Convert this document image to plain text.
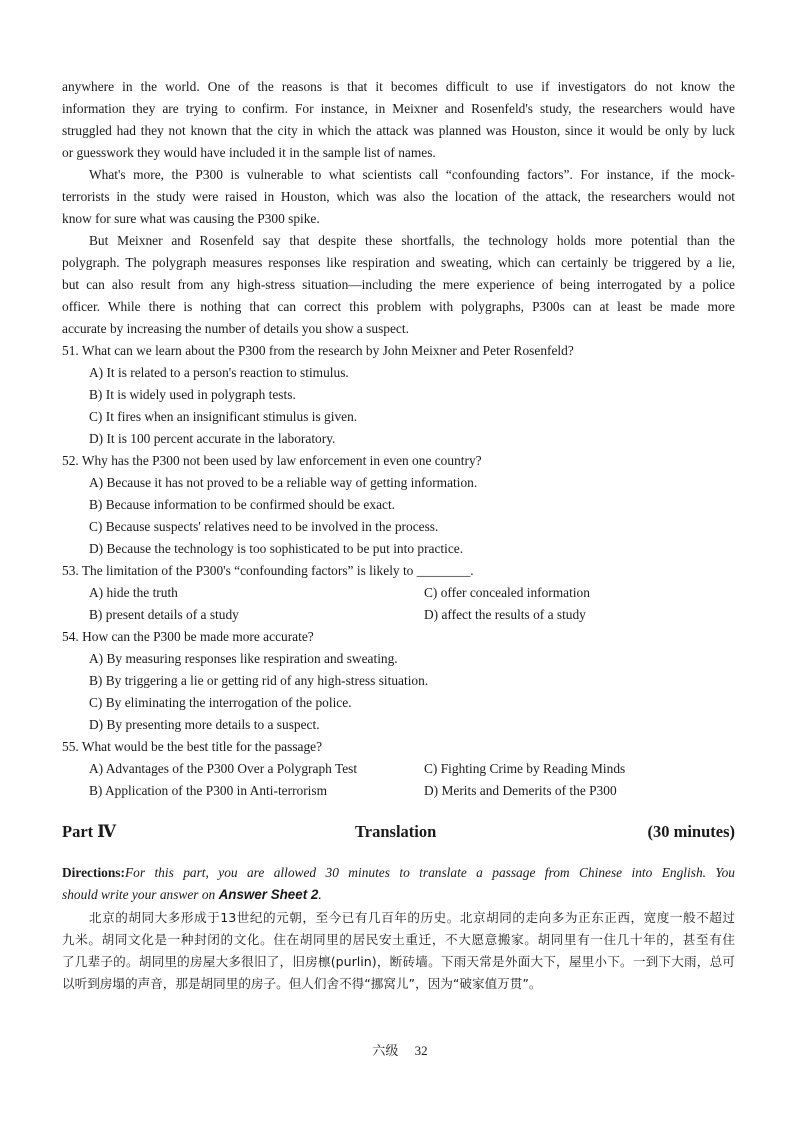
anywhere in the world. One of the reasons is that it becomes difficult to use if investigators do not know the
information they are trying to confirm. For instance, in Meixner and Rosenfeld's study, the researchers would have
struggled had they not known that the city in which the attack was planned was Houston, since it would be only by luck
or guesswork they would have included it in the sample list of names.
What's more, the P300 is vulnerable to what scientists call “confounding factors”. For instance, if the mock-
terrorists in the study were raised in Houston, which was also the location of the attack, the researchers would not
know for sure what was causing the P300 spike.
But Meixner and Rosenfeld say that despite these shortfalls, the technology holds more potential than the
polygraph. The polygraph measures responses like respiration and sweating, which can certainly be triggered by a lie,
but can also result from any high-stress situation—including the mere experience of being interrogated by a police
officer. While there is nothing that can correct this problem with polygraphs, P300s can at least be made more
accurate by increasing the number of details you show a suspect.
51. What can we learn about the P300 from the research by John Meixner and Peter Rosenfeld?
A) It is related to a person's reaction to stimulus.
B) It is widely used in polygraph tests.
C) It fires when an insignificant stimulus is given.
D) It is 100 percent accurate in the laboratory.
52. Why has the P300 not been used by law enforcement in even one country?
A) Because it has not proved to be a reliable way of getting information.
B) Because information to be confirmed should be exact.
C) Because suspects' relatives need to be involved in the process.
D) Because the technology is too sophisticated to be put into practice.
53. The limitation of the P300's “confounding factors” is likely to ________.
A) hide the truth	C) offer concealed information
B) present details of a study	D) affect the results of a study
54. How can the P300 be made more accurate?
A) By measuring responses like respiration and sweating.
B) By triggering a lie or getting rid of any high-stress situation.
C) By eliminating the interrogation of the police.
D) By presenting more details to a suspect.
55. What would be the best title for the passage?
A) Advantages of the P300 Over a Polygraph Test	C) Fighting Crime by Reading Minds
B) Application of the P300 in Anti-terrorism	D) Merits and Demerits of the P300
Part Ⅳ	Translation	(30 minutes)
Directions:For this part, you are allowed 30 minutes to translate a passage from Chinese into English. You
should write your answer on Answer Sheet 2.
北京的胡同大多形成于13世纪的元朝，至今已有几百年的历史。北京胡同的走向多为正东正西，宽度一般不超过
九米。胡同文化是一种封闭的文化。住在胡同里的居民安土重迁，不大愿意搬家。胡同里有一住几十年的，甚至有住
了几辈子的。胡同里的房屋大多很旧了，旧房檩(purlin)，断砖墙。下雨天常是外面大下，屋里小下。一到下大雨，总可
以听到房塌的声音，那是胡同里的房子。但人们舍不得“挪窝儿”，因为“破家值万贯”。
六级 32
